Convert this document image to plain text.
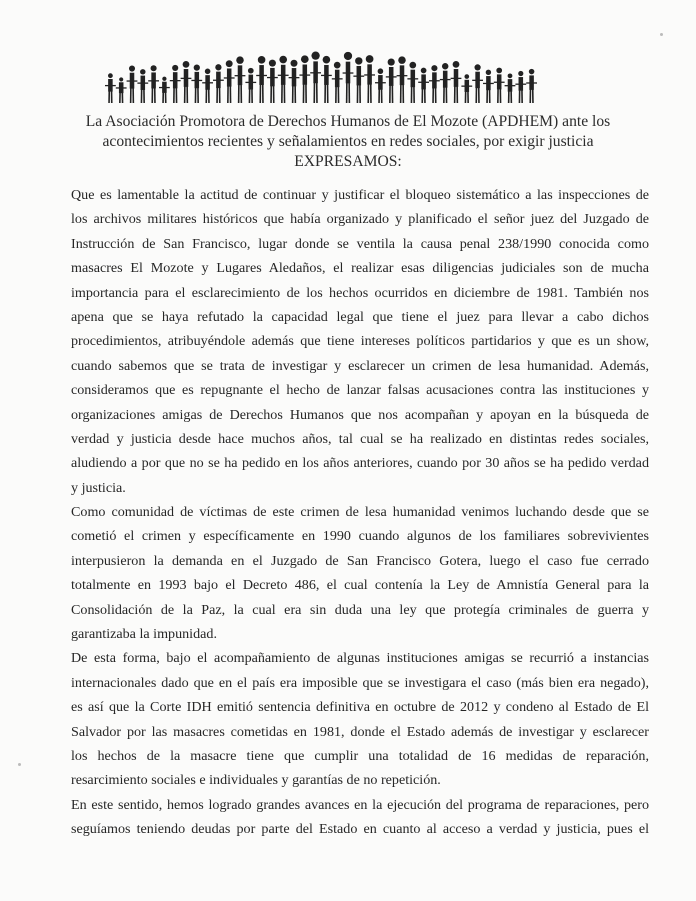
La Asociación Promotora de Derechos Humanos de El Mozote (APDHEM) ante los
acontecimientos recientes y señalamientos en redes sociales, por exigir justicia
EXPRESAMOS:
Que es lamentable la actitud de continuar y justificar el bloqueo sistemático a las inspecciones de
los archivos militares históricos que había organizado y planificado el señor juez del Juzgado de
Instrucción de San Francisco, lugar donde se ventila la causa penal 238/1990 conocida como
masacres El Mozote y Lugares Aledaños, el realizar esas diligencias judiciales son de mucha
importancia para el esclarecimiento de los hechos ocurridos en diciembre de 1981. También nos
apena que se haya refutado la capacidad legal que tiene el juez para llevar a cabo dichos
procedimientos, atribuyéndole además que tiene intereses políticos partidarios y que es un show,
cuando sabemos que se trata de investigar y esclarecer un crimen de lesa humanidad. Además,
consideramos que es repugnante el hecho de lanzar falsas acusaciones contra las instituciones y
organizaciones amigas de Derechos Humanos que nos acompañan y apoyan en la búsqueda de
verdad y justicia desde hace muchos años, tal cual se ha realizado en distintas redes sociales,
aludiendo a por que no se ha pedido en los años anteriores, cuando por 30 años se ha pedido verdad
y justicia.
Como comunidad de víctimas de este crimen de lesa humanidad venimos luchando desde que se
cometió el crimen y específicamente en 1990 cuando algunos de los familiares sobrevivientes
interpusieron la demanda en el Juzgado de San Francisco Gotera, luego el caso fue cerrado
totalmente en 1993 bajo el Decreto 486, el cual contenía la Ley de Amnistía General para la
Consolidación de la Paz, la cual era sin duda una ley que protegía criminales de guerra y
garantizaba la impunidad.
De esta forma, bajo el acompañamiento de algunas instituciones amigas se recurrió a instancias
internacionales dado que en el país era imposible que se investigara el caso (más bien era negado),
es así que la Corte IDH emitió sentencia definitiva en octubre de 2012 y condeno al Estado de El
Salvador por las masacres cometidas en 1981, donde el Estado además de investigar y esclarecer
los hechos de la masacre tiene que cumplir una totalidad de 16 medidas de reparación,
resarcimiento sociales e individuales y garantías de no repetición.
En este sentido, hemos logrado grandes avances en la ejecución del programa de reparaciones, pero
seguíamos teniendo deudas por parte del Estado en cuanto al acceso a verdad y justicia, pues el
